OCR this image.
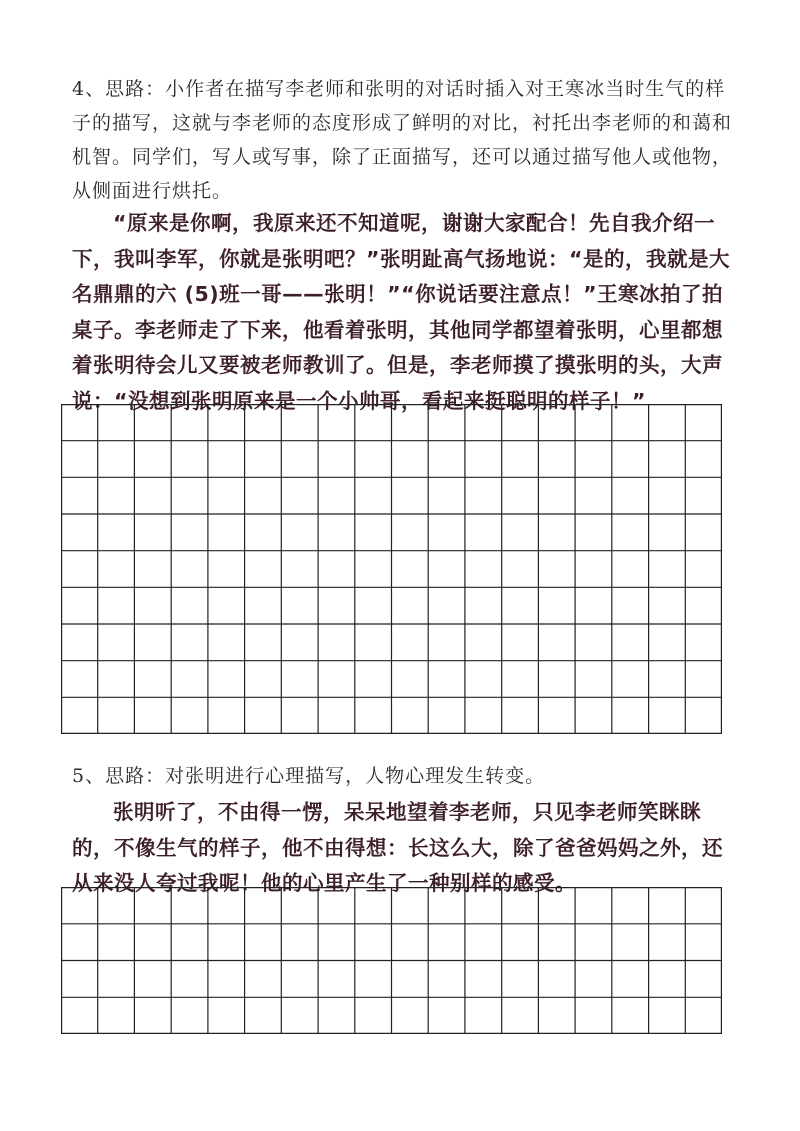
4、思路：小作者在描写李老师和张明的对话时插入对王寒冰当时生气的样子的描写，这就与李老师的态度形成了鲜明的对比，衬托出李老师的和蔼和机智。同学们，写人或写事，除了正面描写，还可以通过描写他人或他物，从侧面进行烘托。
“原来是你啊，我原来还不知道呢，谢谢大家配合！先自我介绍一下，我叫李军，你就是张明吧？”张明趾高气扬地说：“是的，我就是大名鼎鼎的六 (5)班一哥——张明！”“你说话要注意点！”王寒冰拍了拍桌子。李老师走了下来，他看着张明，其他同学都望着张明，心里都想着张明待会儿又要被老师教训了。但是，李老师摸了摸张明的头，大声说：“没想到张明原来是一个小帅哥，看起来挺聪明的样子！”
5、思路：对张明进行心理描写，人物心理发生转变。
张明听了，不由得一愣，呆呆地望着李老师，只见李老师笑眯眯的，不像生气的样子，他不由得想：长这么大，除了爸爸妈妈之外，还从来没人夸过我呢！他的心里产生了一种别样的感受。
